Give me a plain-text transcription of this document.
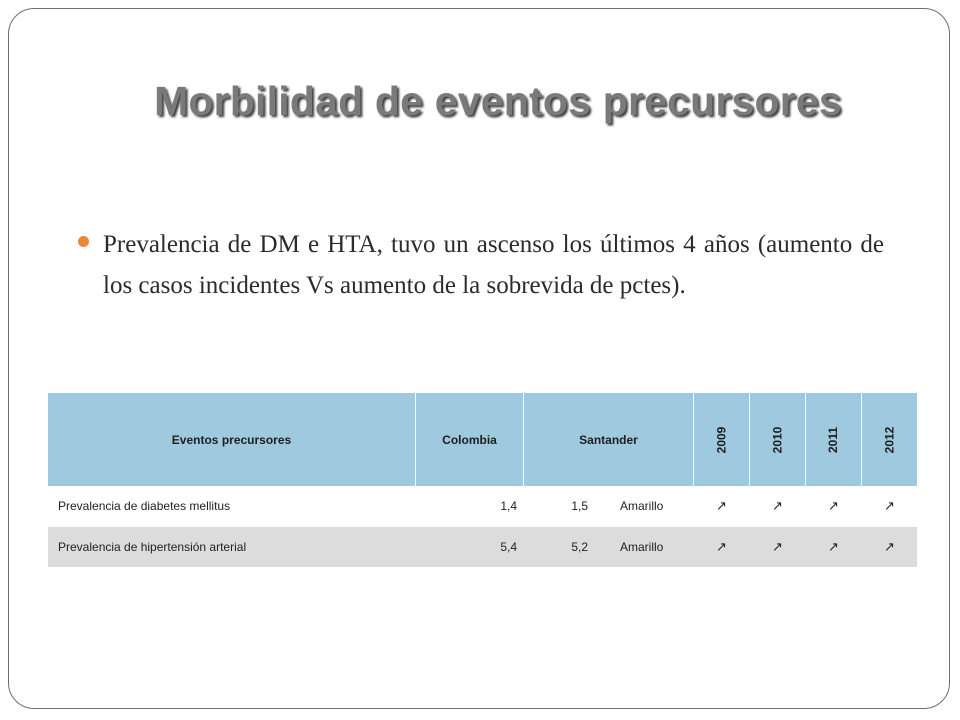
Morbilidad de eventos precursores

Prevalencia de DM e HTA, tuvo un ascenso los últimos 4 años (aumento de los casos incidentes Vs aumento de la sobrevida de pctes).

Eventos precursores	Colombia	Santander	2009	2010	2011	2012
Prevalencia de diabetes mellitus	1,4	1,5	Amarillo	↗	↗	↗	↗
Prevalencia de hipertensión arterial	5,4	5,2	Amarillo	↗	↗	↗	↗
